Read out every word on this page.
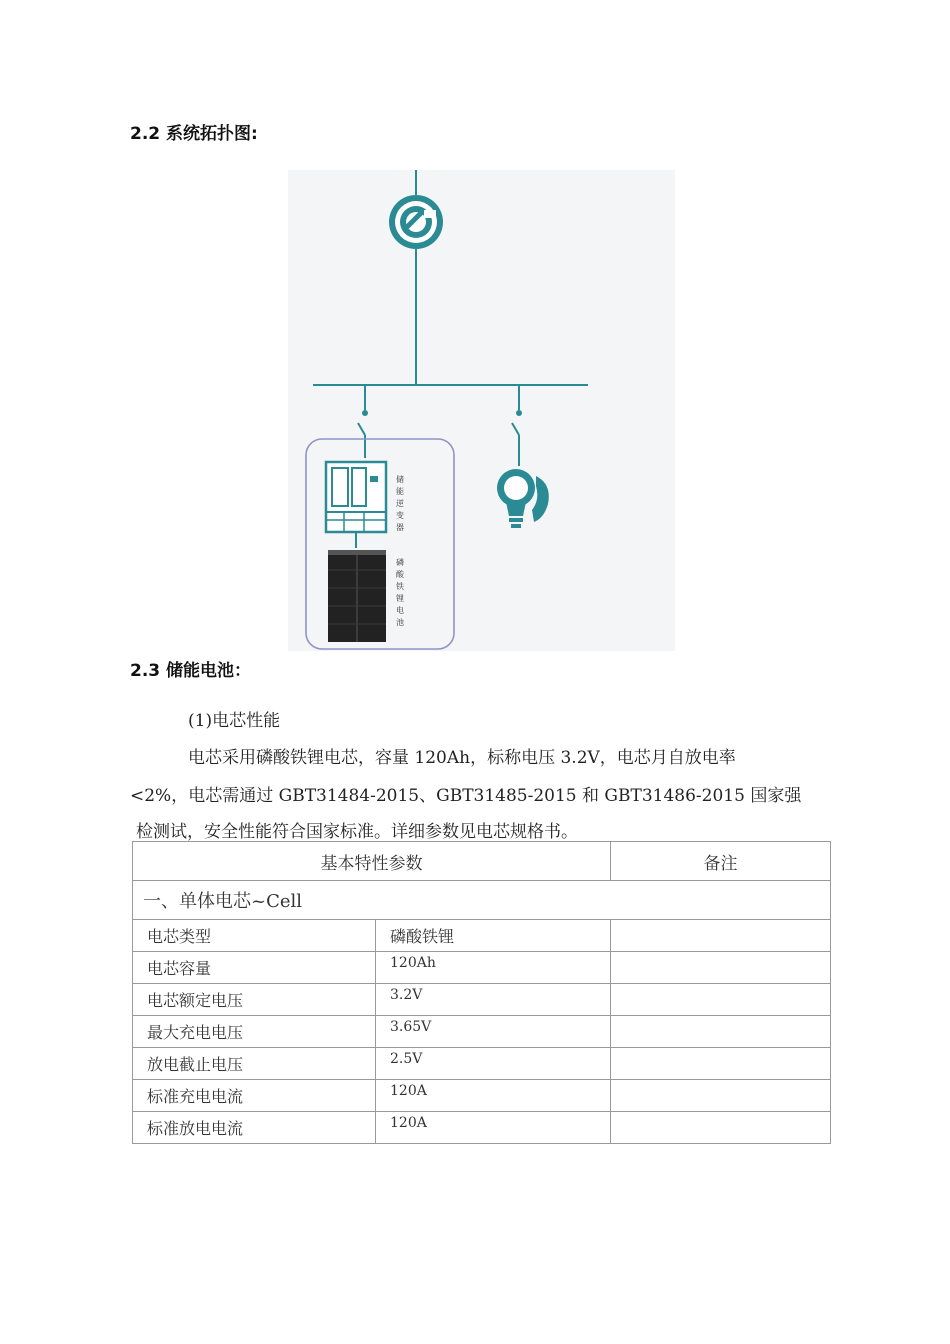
2.2 系统拓扑图:
储
能
逆
变
器
磷
酸
铁
锂
电
池
2.3 储能电池：
(1)电芯性能
电芯采用磷酸铁锂电芯，容量 120Ah，标称电压 3.2V，电芯月自放电率
<2%，电芯需通过 GBT31484-2015、GBT31485-2015 和 GBT31486-2015 国家强
检测试，安全性能符合国家标准。详细参数见电芯规格书。
基本特性参数		备注
一、单体电芯~Cell		
电芯类型	磷酸铁锂	
电芯容量	120Ah	
电芯额定电压	3.2V	
最大充电电压	3.65V	
放电截止电压	2.5V	
标准充电电流	120A	
标准放电电流	120A	
